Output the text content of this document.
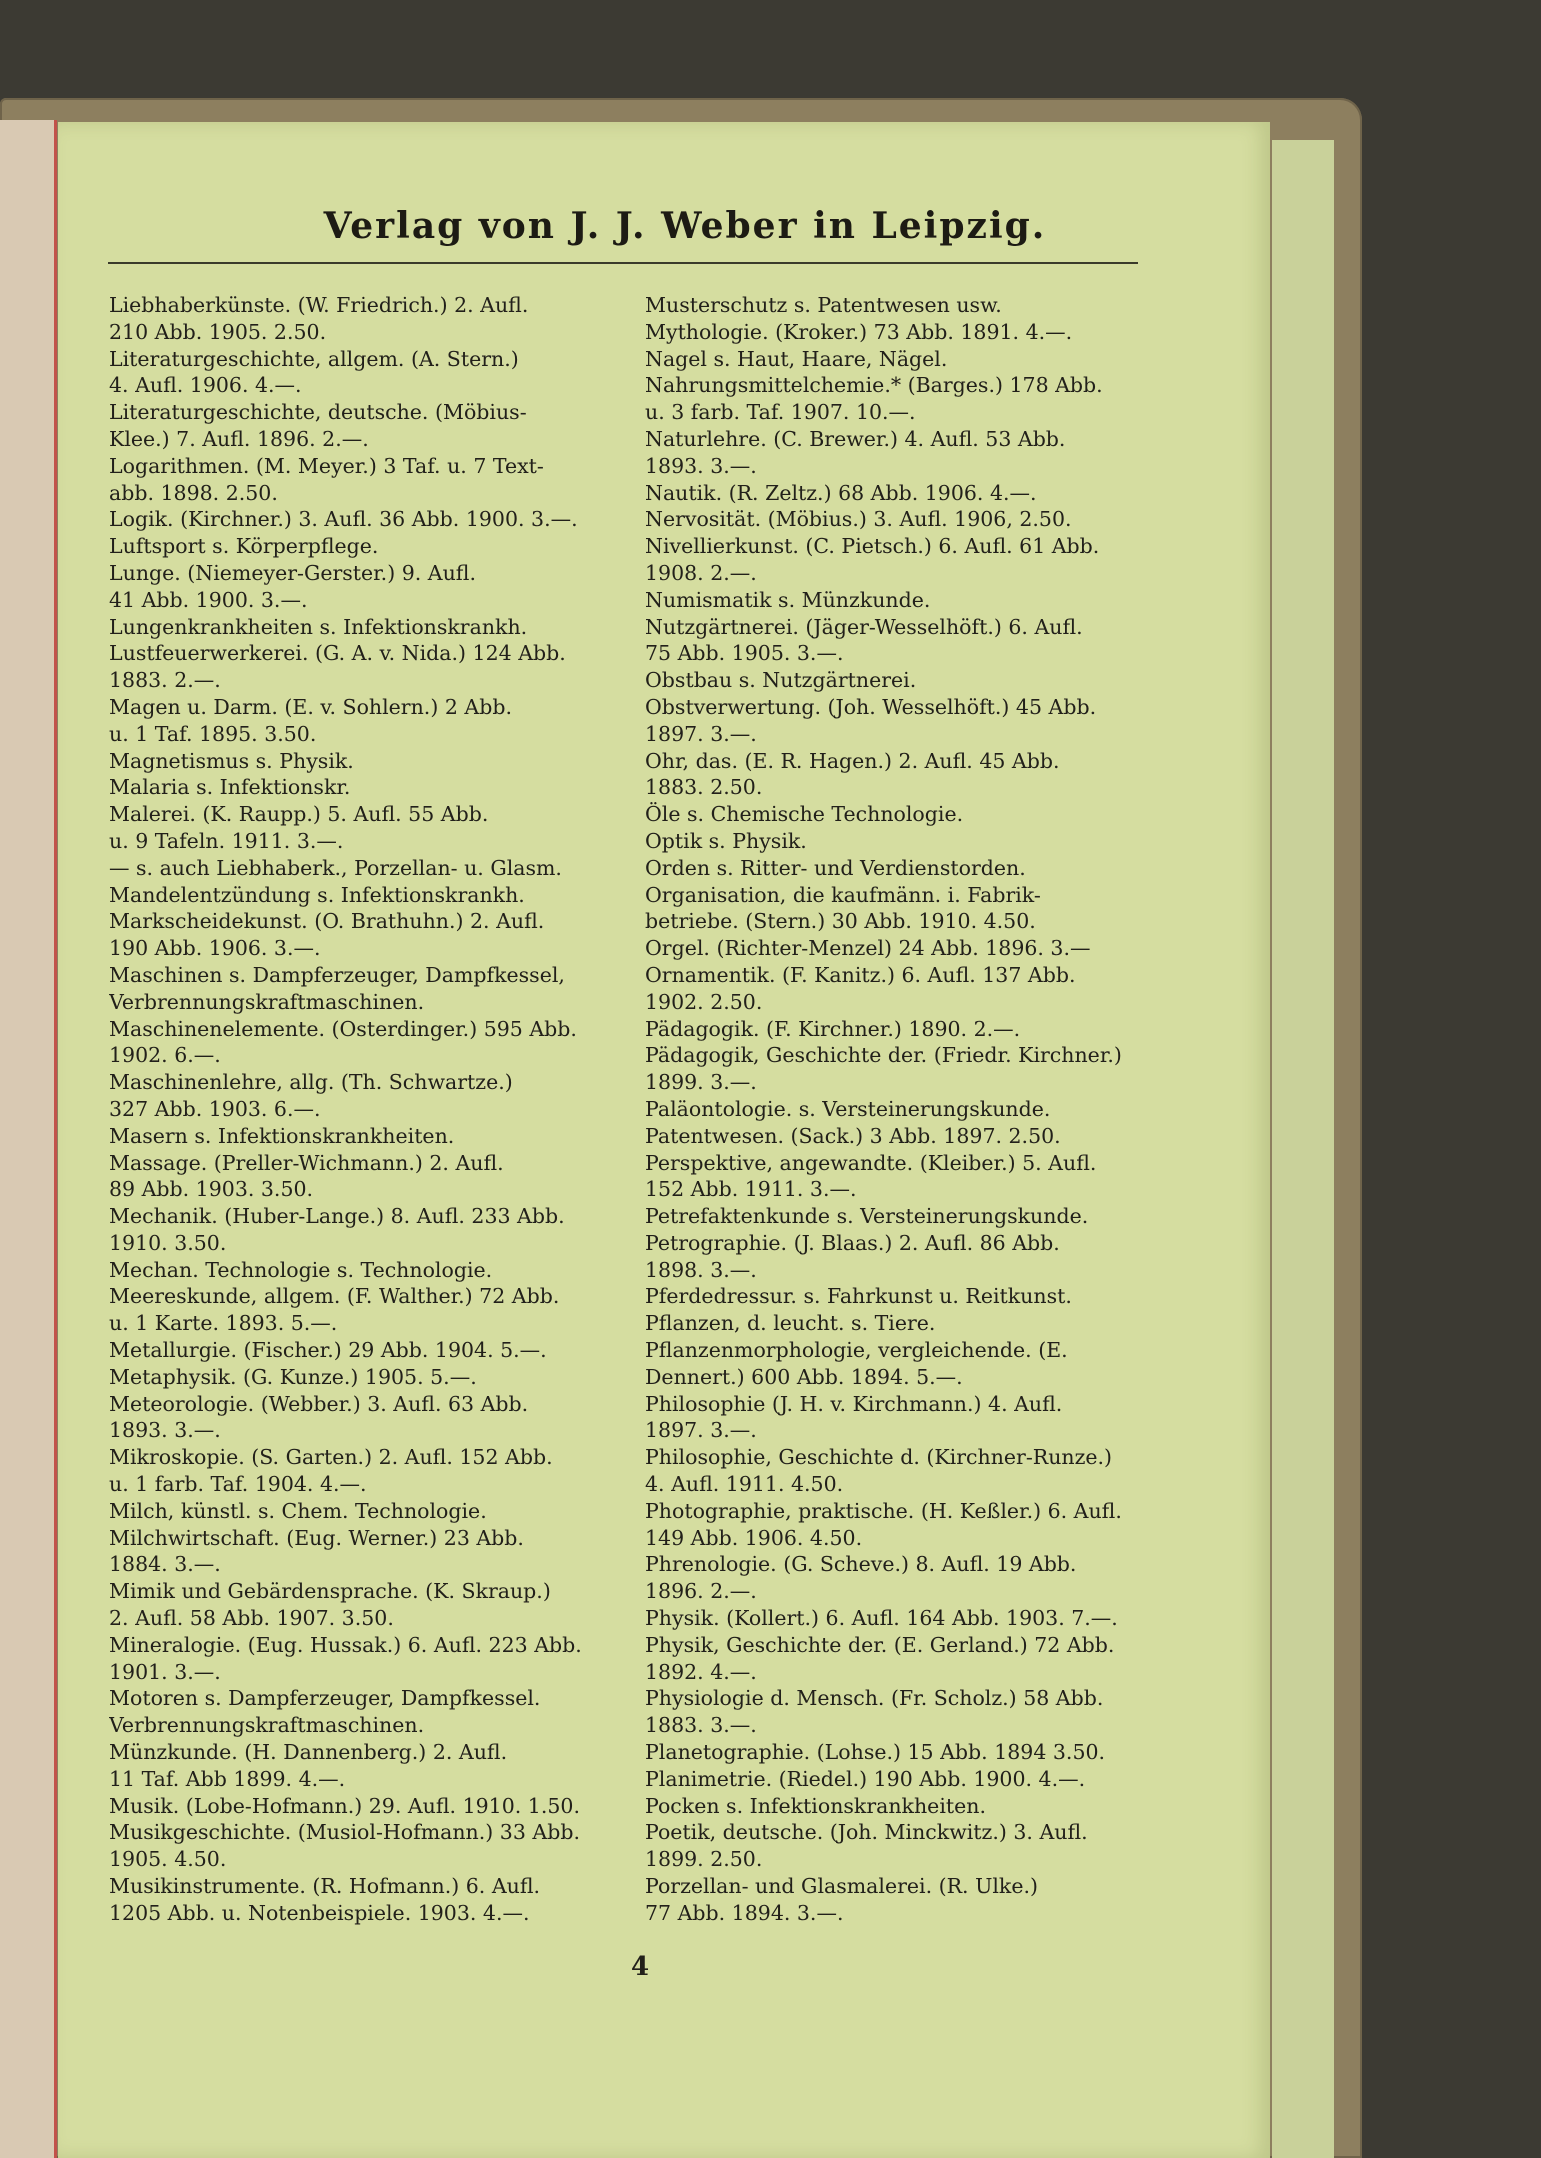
Verlag von J. J. Weber in Leipzig.
Liebhaberkünste. (W. Friedrich.) 2. Aufl.
210 Abb. 1905. 2.50.
Literaturgeschichte, allgem. (A. Stern.)
4. Aufl. 1906. 4.—.
Literaturgeschichte, deutsche. (Möbius-
Klee.) 7. Aufl. 1896. 2.—.
Logarithmen. (M. Meyer.) 3 Taf. u. 7 Text-
abb. 1898. 2.50.
Logik. (Kirchner.) 3. Aufl. 36 Abb. 1900. 3.—.
Luftsport s. Körperpflege.
Lunge. (Niemeyer-Gerster.) 9. Aufl.
41 Abb. 1900. 3.—.
Lungenkrankheiten s. Infektionskrankh.
Lustfeuerwerkerei. (G. A. v. Nida.) 124 Abb.
1883. 2.—.
Magen u. Darm. (E. v. Sohlern.) 2 Abb.
u. 1 Taf. 1895. 3.50.
Magnetismus s. Physik.
Malaria s. Infektionskr.
Malerei. (K. Raupp.) 5. Aufl. 55 Abb.
u. 9 Tafeln. 1911. 3.—.
— s. auch Liebhaberk., Porzellan- u. Glasm.
Mandelentzündung s. Infektionskrankh.
Markscheidekunst. (O. Brathuhn.) 2. Aufl.
190 Abb. 1906. 3.—.
Maschinen s. Dampferzeuger, Dampfkessel,
Verbrennungskraftmaschinen.
Maschinenelemente. (Osterdinger.) 595 Abb.
1902. 6.—.
Maschinenlehre, allg. (Th. Schwartze.)
327 Abb. 1903. 6.—.
Masern s. Infektionskrankheiten.
Massage. (Preller-Wichmann.) 2. Aufl.
89 Abb. 1903. 3.50.
Mechanik. (Huber-Lange.) 8. Aufl. 233 Abb.
1910. 3.50.
Mechan. Technologie s. Technologie.
Meereskunde, allgem. (F. Walther.) 72 Abb.
u. 1 Karte. 1893. 5.—.
Metallurgie. (Fischer.) 29 Abb. 1904. 5.—.
Metaphysik. (G. Kunze.) 1905. 5.—.
Meteorologie. (Webber.) 3. Aufl. 63 Abb.
1893. 3.—.
Mikroskopie. (S. Garten.) 2. Aufl. 152 Abb.
u. 1 farb. Taf. 1904. 4.—.
Milch, künstl. s. Chem. Technologie.
Milchwirtschaft. (Eug. Werner.) 23 Abb.
1884. 3.—.
Mimik und Gebärdensprache. (K. Skraup.)
2. Aufl. 58 Abb. 1907. 3.50.
Mineralogie. (Eug. Hussak.) 6. Aufl. 223 Abb.
1901. 3.—.
Motoren s. Dampferzeuger, Dampfkessel.
Verbrennungskraftmaschinen.
Münzkunde. (H. Dannenberg.) 2. Aufl.
11 Taf. Abb 1899. 4.—.
Musik. (Lobe-Hofmann.) 29. Aufl. 1910. 1.50.
Musikgeschichte. (Musiol-Hofmann.) 33 Abb.
1905. 4.50.
Musikinstrumente. (R. Hofmann.) 6. Aufl.
1205 Abb. u. Notenbeispiele. 1903. 4.—.
Musterschutz s. Patentwesen usw.
Mythologie. (Kroker.) 73 Abb. 1891. 4.—.
Nagel s. Haut, Haare, Nägel.
Nahrungsmittelchemie.* (Barges.) 178 Abb.
u. 3 farb. Taf. 1907. 10.—.
Naturlehre. (C. Brewer.) 4. Aufl. 53 Abb.
1893. 3.—.
Nautik. (R. Zeltz.) 68 Abb. 1906. 4.—.
Nervosität. (Möbius.) 3. Aufl. 1906, 2.50.
Nivellierkunst. (C. Pietsch.) 6. Aufl. 61 Abb.
1908. 2.—.
Numismatik s. Münzkunde.
Nutzgärtnerei. (Jäger-Wesselhöft.) 6. Aufl.
75 Abb. 1905. 3.—.
Obstbau s. Nutzgärtnerei.
Obstverwertung. (Joh. Wesselhöft.) 45 Abb.
1897. 3.—.
Ohr, das. (E. R. Hagen.) 2. Aufl. 45 Abb.
1883. 2.50.
Öle s. Chemische Technologie.
Optik s. Physik.
Orden s. Ritter- und Verdienstorden.
Organisation, die kaufmänn. i. Fabrik-
betriebe. (Stern.) 30 Abb. 1910. 4.50.
Orgel. (Richter-Menzel) 24 Abb. 1896. 3.—
Ornamentik. (F. Kanitz.) 6. Aufl. 137 Abb.
1902. 2.50.
Pädagogik. (F. Kirchner.) 1890. 2.—.
Pädagogik, Geschichte der. (Friedr. Kirchner.)
1899. 3.—.
Paläontologie. s. Versteinerungskunde.
Patentwesen. (Sack.) 3 Abb. 1897. 2.50.
Perspektive, angewandte. (Kleiber.) 5. Aufl.
152 Abb. 1911. 3.—.
Petrefaktenkunde s. Versteinerungskunde.
Petrographie. (J. Blaas.) 2. Aufl. 86 Abb.
1898. 3.—.
Pferdedressur. s. Fahrkunst u. Reitkunst.
Pflanzen, d. leucht. s. Tiere.
Pflanzenmorphologie, vergleichende. (E.
Dennert.) 600 Abb. 1894. 5.—.
Philosophie (J. H. v. Kirchmann.) 4. Aufl.
1897. 3.—.
Philosophie, Geschichte d. (Kirchner-Runze.)
4. Aufl. 1911. 4.50.
Photographie, praktische. (H. Keßler.) 6. Aufl.
149 Abb. 1906. 4.50.
Phrenologie. (G. Scheve.) 8. Aufl. 19 Abb.
1896. 2.—.
Physik. (Kollert.) 6. Aufl. 164 Abb. 1903. 7.—.
Physik, Geschichte der. (E. Gerland.) 72 Abb.
1892. 4.—.
Physiologie d. Mensch. (Fr. Scholz.) 58 Abb.
1883. 3.—.
Planetographie. (Lohse.) 15 Abb. 1894 3.50.
Planimetrie. (Riedel.) 190 Abb. 1900. 4.—.
Pocken s. Infektionskrankheiten.
Poetik, deutsche. (Joh. Minckwitz.) 3. Aufl.
1899. 2.50.
Porzellan- und Glasmalerei. (R. Ulke.)
77 Abb. 1894. 3.—.
4
